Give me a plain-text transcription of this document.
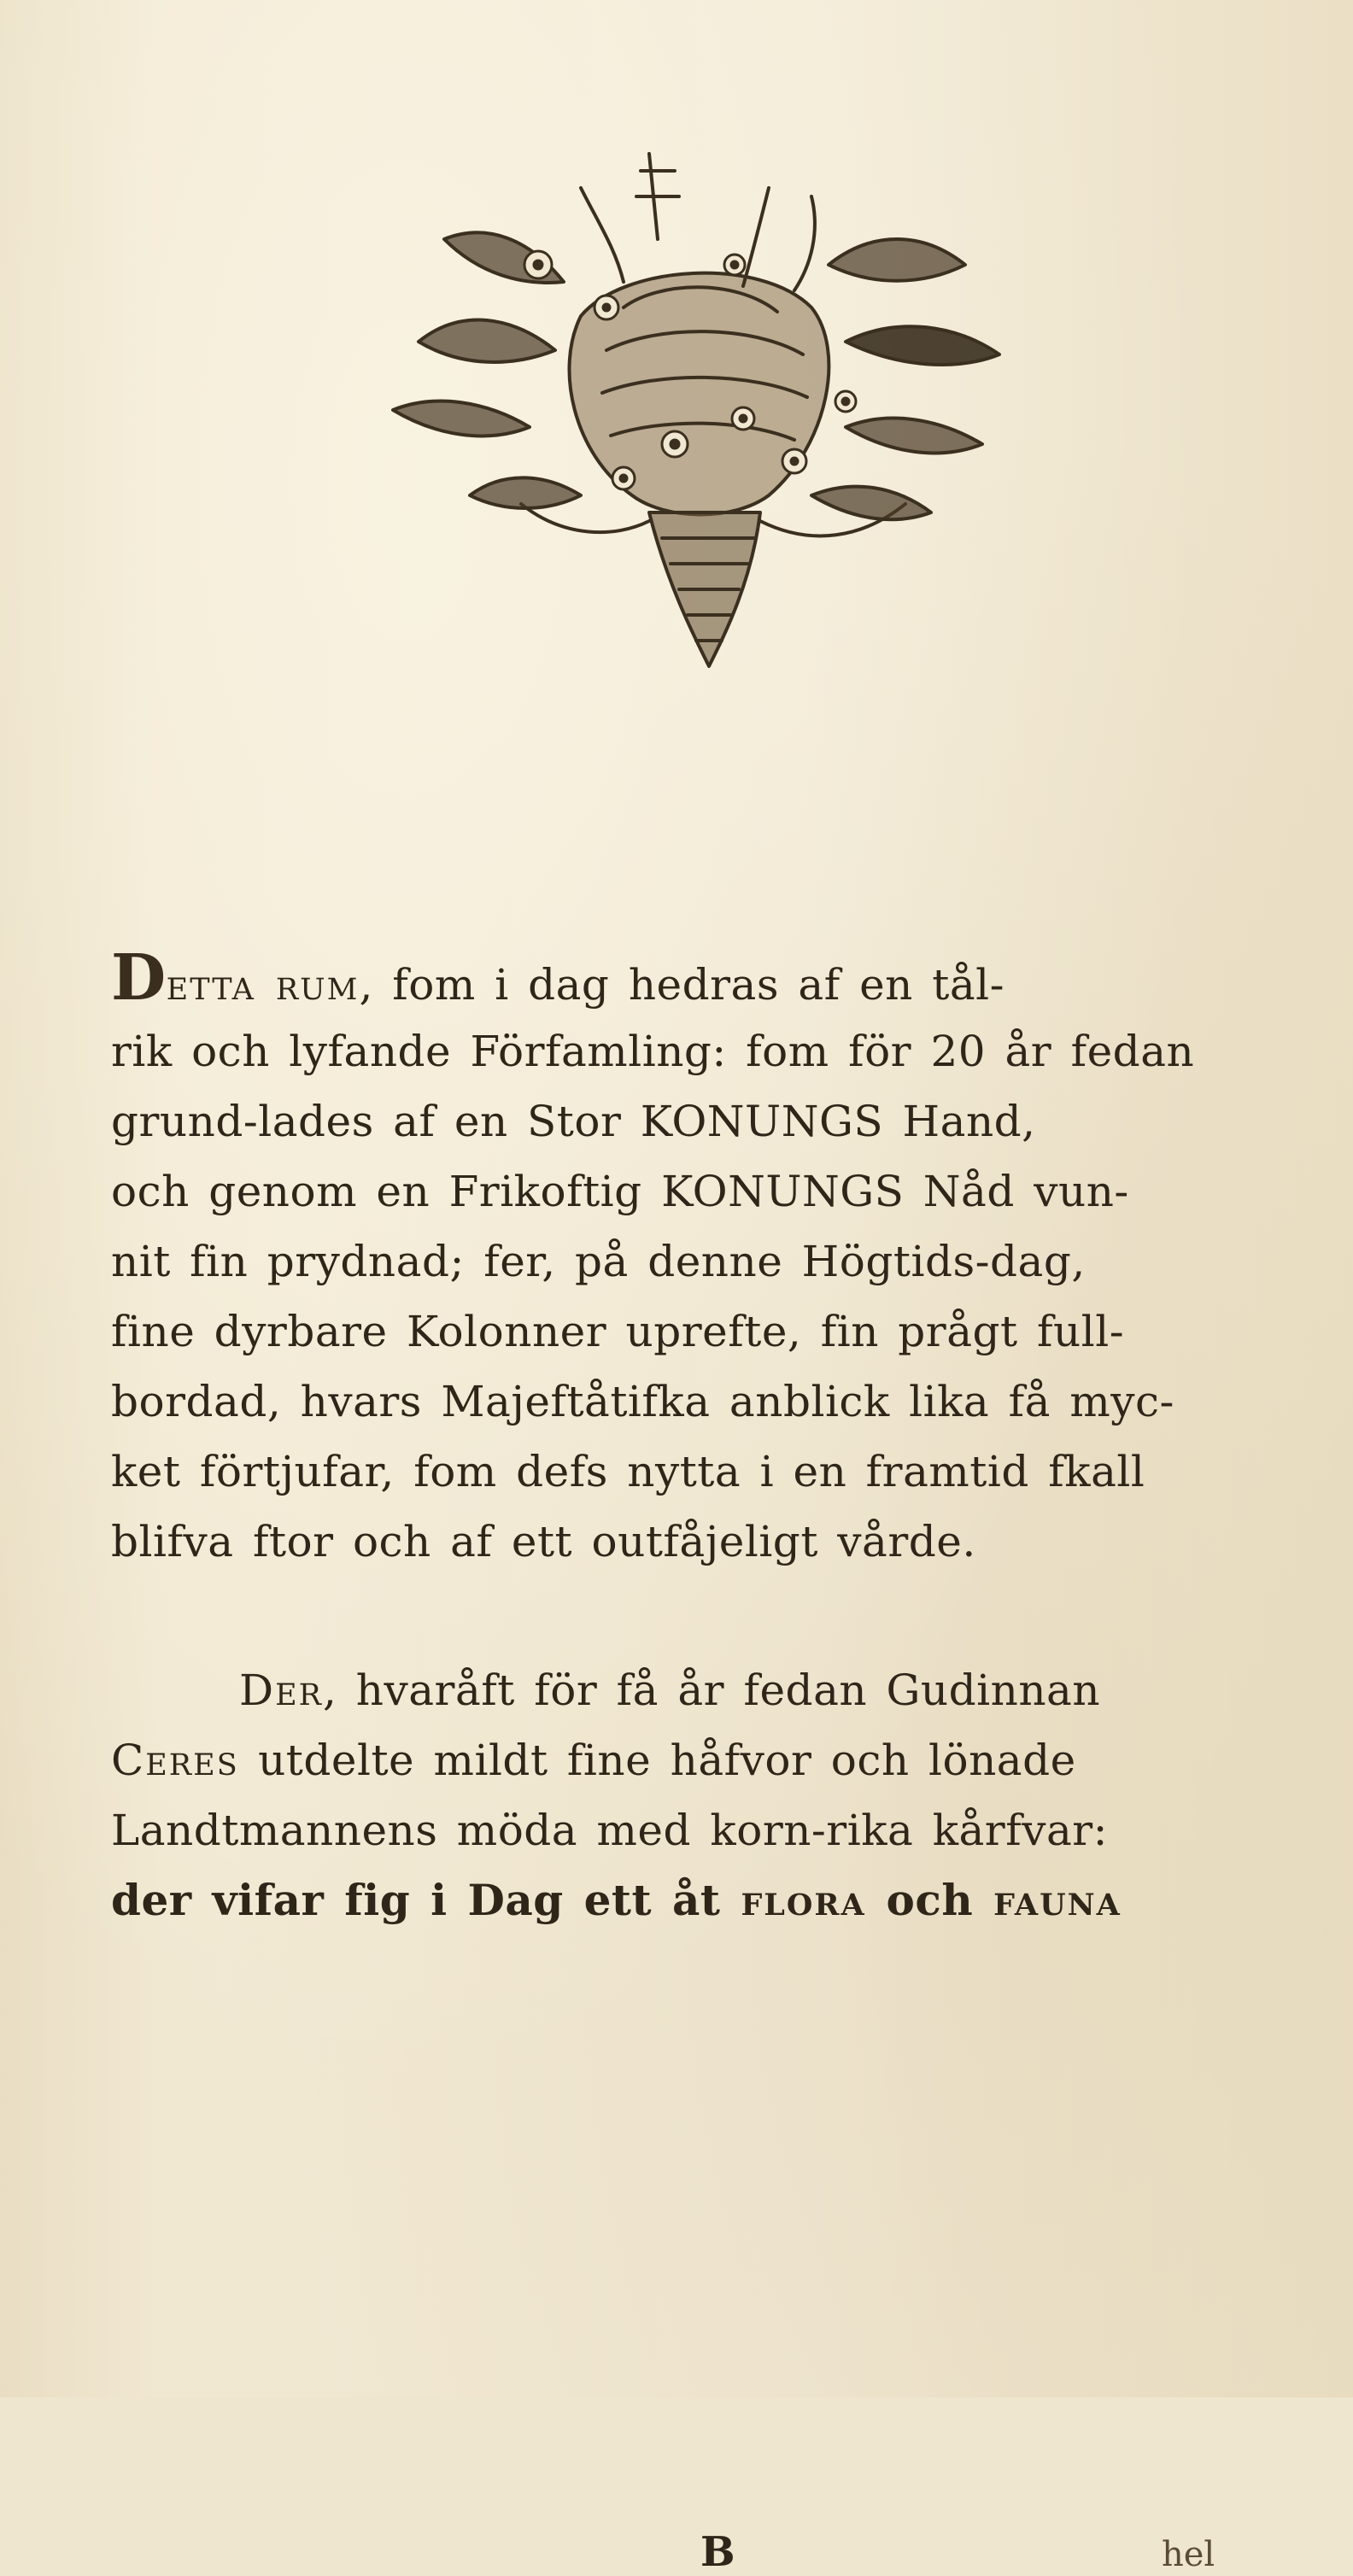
Detta rum, fom i dag hedras af en tål-
rik och lyfande Förfamling: fom för 20 år fedan
grund-lades af en Stor KONUNGS Hand,
och genom en Frikoftig KONUNGS Nåd vun-
nit fin prydnad; fer, på denne Högtids-dag,
fine dyrbare Kolonner uprefte, fin prågt full-
bordad, hvars Majeftåtifka anblick lika få myc-
ket förtjufar, fom defs nytta i en framtid fkall
blifva ftor och af ett outfåjeligt vårde.
Der, hvaråft för få år fedan Gudinnan
Ceres utdelte mildt fine håfvor och lönade
Landtmannens möda med korn-rika kårfvar:
der vifar fig i Dag ett åt flora och fauna
B	hel
